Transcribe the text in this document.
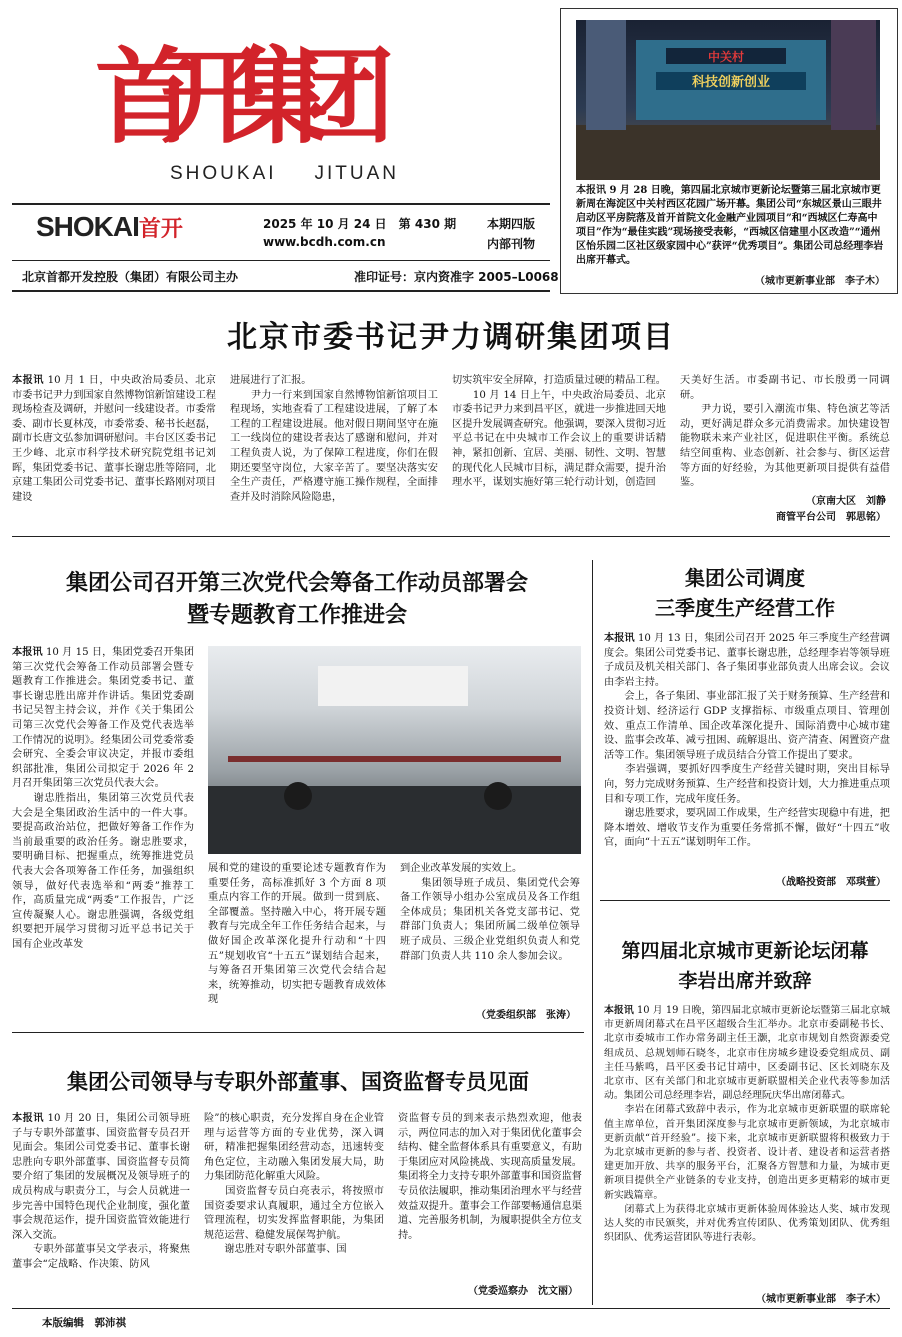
首开集团
SHOUKAI JITUAN
SHOKAI首开	2025 年 10 月 24 日　第 430 期	本期四版
www.bcdh.com.cn	内部刊物
北京首都开发控股（集团）有限公司主办	准印证号：京内资准字 2005–L0068
中关村
科技创新创业
本报讯 9 月 28 日晚，第四届北京城市更新论坛暨第三届北京城市更新周在海淀区中关村西区花园广场开幕。集团公司“东城区景山三眼井启动区平房院落及首开首院文化金融产业园项目”和“西城区仁寿高中项目”作为“最佳实践”现场接受表彰，“西城区信建里小区改造”“通州区怡乐园二区社区级家园中心”获评“优秀项目”。集团公司总经理李岩出席开幕式。
（城市更新事业部　李子木）
北京市委书记尹力调研集团项目
本报讯 10 月 1 日，中央政治局委员、北京市委书记尹力到国家自然博物馆新馆建设工程现场检查及调研，并慰问一线建设者。市委常委、副市长夏林茂，市委常委、秘书长赵磊，副市长唐文弘参加调研慰问。丰台区区委书记王少峰、北京市科学技术研究院党组书记刘晖，集团党委书记、董事长谢忠胜等陪同，北京建工集团公司党委书记、董事长路刚对项目建设
进展进行了汇报。
　　尹力一行来到国家自然博物馆新馆项目工程现场，实地查看了工程建设进展，了解了本工程的工程建设进展。他对假日期间坚守在施工一线岗位的建设者表达了感谢和慰问，并对工程负责人说，为了保障工程进度，你们在假期还要坚守岗位，大家辛苦了。要坚决落实安全生产责任，严格遵守施工操作规程，全面排查并及时消除风险隐患，
切实筑牢安全屏障，打造质量过硬的精品工程。
　　10 月 14 日上午，中央政治局委员、北京市委书记尹力来到昌平区，就进一步推进回天地区提升发展调查研究。他强调，要深入贯彻习近平总书记在中央城市工作会议上的重要讲话精神，紧扣创新、宜居、美丽、韧性、文明、智慧的现代化人民城市目标，满足群众需要，提升治理水平，谋划实施好第三轮行动计划，创造回
天美好生活。市委副书记、市长殷勇一同调研。
　　尹力说，要引入潮流市集、特色演艺等活动，更好满足群众多元消费需求。加快建设智能物联未来产业社区，促进职住平衡。系统总结空间重构、业态创新、社会参与、街区运营等方面的好经验，为其他更新项目提供有益借鉴。
（京南大区　刘静
商管平台公司　郭思铭）
集团公司召开第三次党代会筹备工作动员部署会
暨专题教育工作推进会
本报讯 10 月 15 日，集团党委召开集团第三次党代会筹备工作动员部署会暨专题教育工作推进会。集团党委书记、董事长谢忠胜出席并作讲话。集团党委副书记吴智主持会议，并作《关于集团公司第三次党代会筹备工作及党代表选举工作情况的说明》。经集团公司党委常委会研究、全委会审议决定，并报市委组织部批准，集团公司拟定于 2026 年 2 月召开集团第三次党员代表大会。
　　谢忠胜指出，集团第三次党员代表大会是全集团政治生活中的一件大事。要提高政治站位，把做好筹备工作作为当前最重要的政治任务。谢忠胜要求，要明确目标、把握重点，统筹推进党员代表大会各项筹备工作任务，加强组织领导，做好代表选举和“两委”推荐工作，高质量完成“两委”工作报告，广泛宣传凝聚人心。谢忠胜强调，各级党组织要把开展学习贯彻习近平总书记关于国有企业改革发
展和党的建设的重要论述专题教育作为重要任务，高标准抓好 3 个方面 8 项重点内容工作的开展。做到一贯到底、全部覆盖。坚持融入中心，将开展专题教育与完成全年工作任务结合起来，与做好国企改革深化提升行动和“十四五”规划收官“十五五”谋划结合起来，与筹备召开集团第三次党代会结合起来，统筹推动，切实把专题教育成效体现
到企业改革发展的实效上。
　　集团领导班子成员、集团党代会筹备工作领导小组办公室成员及各工作组全体成员；集团机关各党支部书记、党群部门负责人；集团所属二级单位领导班子成员、三级企业党组织负责人和党群部门负责人共 110 余人参加会议。
（党委组织部　张涛）
集团公司调度
三季度生产经营工作
本报讯 10 月 13 日，集团公司召开 2025 年三季度生产经营调度会。集团公司党委书记、董事长谢忠胜，总经理李岩等领导班子成员及机关相关部门、各子集团事业部负责人出席会议。会议由李岩主持。
　　会上，各子集团、事业部汇报了关于财务预算、生产经营和投资计划、经济运行 GDP 支撑指标、市级重点项目、管理创效、重点工作清单、国企改革深化提升、国际消费中心城市建设、监事会改革、减亏扭困、疏解退出、资产清查、闲置资产盘活等工作。集团领导班子成员结合分管工作提出了要求。
　　李岩强调，要抓好四季度生产经营关键时期，突出目标导向，努力完成财务预算、生产经营和投资计划，大力推进重点项目和专项工作，完成年度任务。
　　谢忠胜要求，要巩固工作成果，生产经营实现稳中有进，把降本增效、增收节支作为重要任务常抓不懈，做好“十四五”收官，面向“十五五”谋划明年工作。
（战略投资部　邓琪萱）
第四届北京城市更新论坛闭幕
李岩出席并致辞
本报讯 10 月 19 日晚，第四届北京城市更新论坛暨第三届北京城市更新周闭幕式在昌平区超级合生汇举办。北京市委副秘书长、北京市委城市工作办常务副主任王灏，北京市规划自然资源委党组成员、总规划师石晓冬，北京市住房城乡建设委党组成员、副主任马紫鸣，昌平区委书记甘靖中，区委副书记、区长刘晓东及北京市、区有关部门和北京城市更新联盟相关企业代表等参加活动。集团公司总经理李岩，副总经理阮庆华出席闭幕式。
　　李岩在闭幕式致辞中表示，作为北京城市更新联盟的联席轮值主席单位，首开集团深度参与北京城市更新领域，为北京城市更新贡献“首开经验”。接下来，北京城市更新联盟将积极致力于为北京城市更新的参与者、投资者、设计者、建设者和运营者搭建更加开放、共享的服务平台，汇聚各方智慧和力量，为城市更新项目提供全产业链条的专业支持，创造出更多更精彩的城市更新实践篇章。
　　闭幕式上为获得北京城市更新体验周体验达人奖、城市发现达人奖的市民颁奖，并对优秀宣传团队、优秀策划团队、优秀组织团队、优秀运营团队等进行表彰。
（城市更新事业部　李子木）
集团公司领导与专职外部董事、国资监督专员见面
本报讯 10 月 20 日，集团公司领导班子与专职外部董事、国资监督专员召开见面会。集团公司党委书记、董事长谢忠胜向专职外部董事、国资监督专员简要介绍了集团的发展概况及领导班子的成员构成与职责分工，与会人员就进一步完善中国特色现代企业制度，强化董事会规范运作，提升国资监管效能进行深入交流。
　　专职外部董事吴文学表示，将聚焦董事会“定战略、作决策、防风
险”的核心职责，充分发挥自身在企业管理与运营等方面的专业优势，深入调研，精准把握集团经营动态，迅速转变角色定位，主动融入集团发展大局，助力集团防范化解重大风险。
　　国资监督专员白亮表示，将按照市国资委要求认真履职，通过全方位嵌入管理流程，切实发挥监督职能，为集团规范运营、稳健发展保驾护航。
　　谢忠胜对专职外部董事、国
资监督专员的到来表示热烈欢迎，他表示，两位同志的加入对于集团优化董事会结构、健全监督体系具有重要意义，有助于集团应对风险挑战、实现高质量发展。集团将全力支持专职外部董事和国资监督专员依法履职，推动集团治理水平与经营效益双提升。董事会工作部要畅通信息渠道、完善服务机制，为履职提供全方位支持。
（党委巡察办　沈文丽）
本版编辑　郭沛祺
